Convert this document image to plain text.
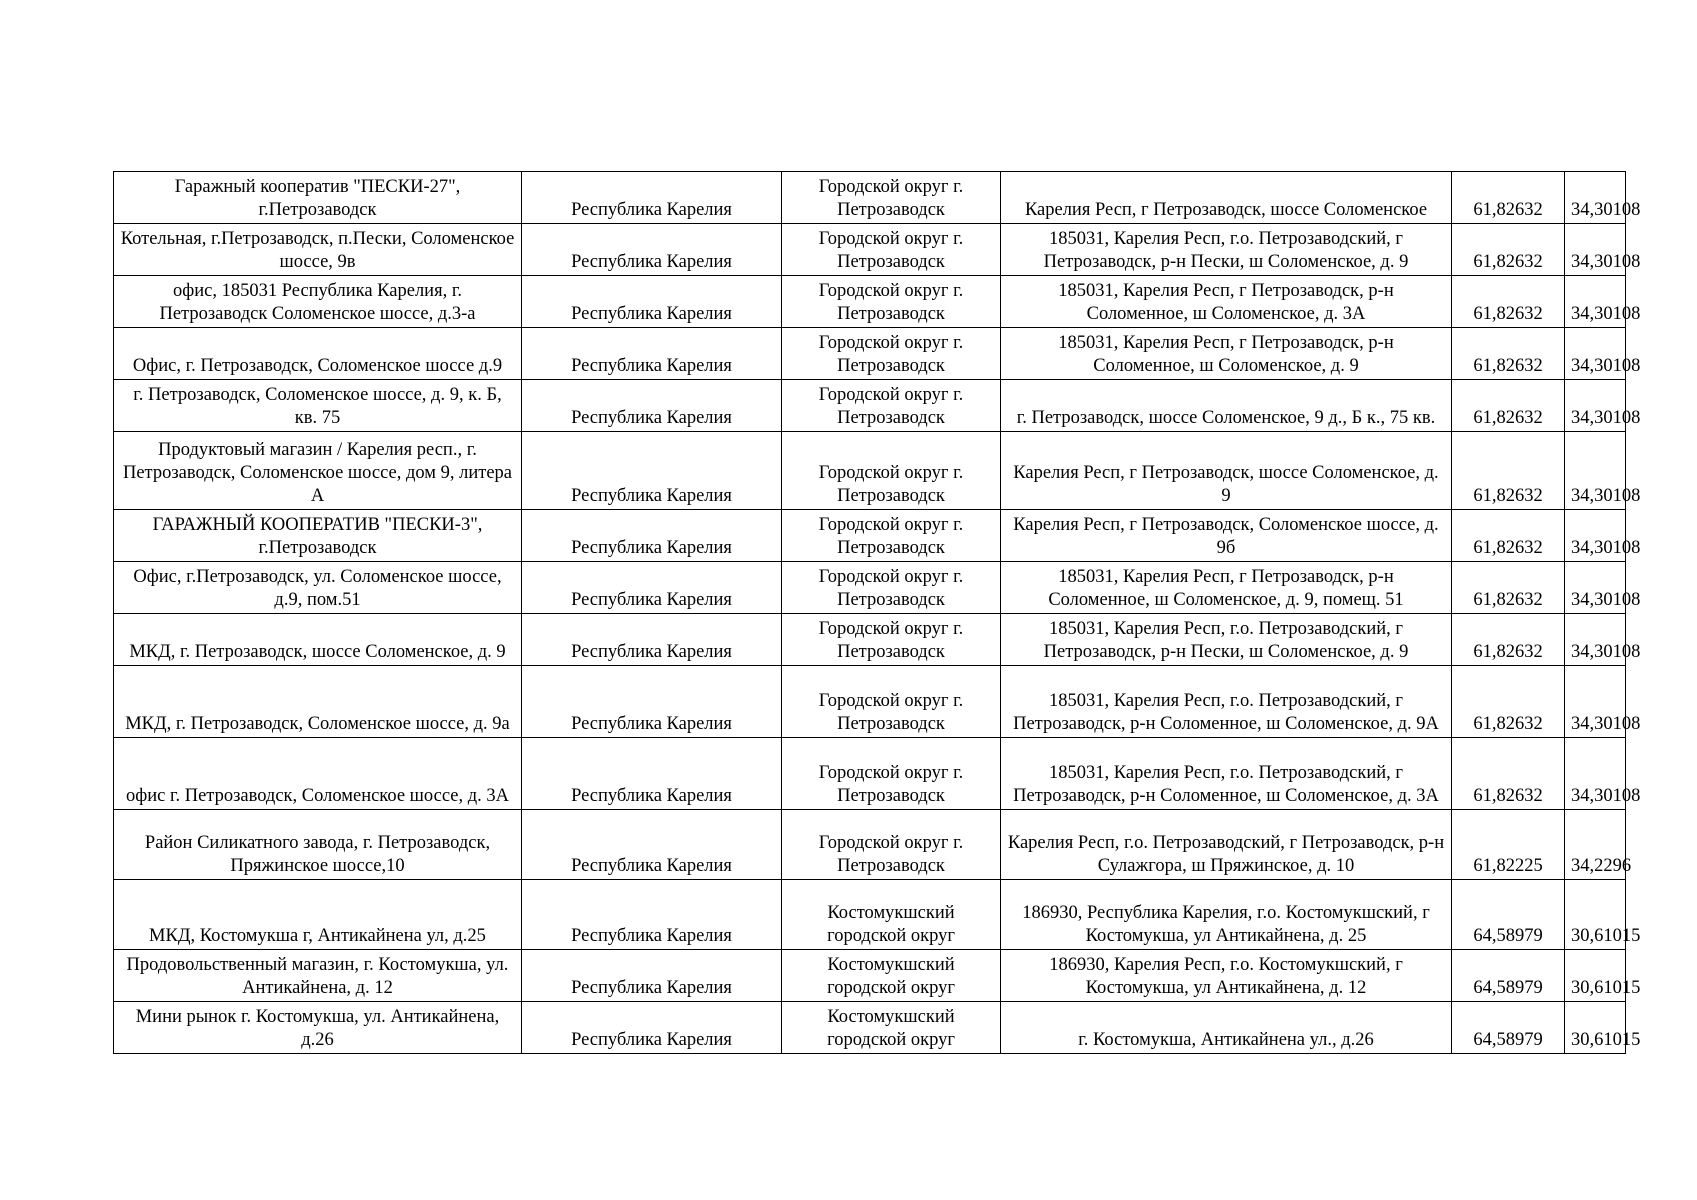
Гаражный кооператив "ПЕСКИ-27", г.Петрозаводск	Республика Карелия	Городской округ г. Петрозаводск	Карелия Респ, г Петрозаводск, шоссе Соломенское	61,82632	34,30108
Котельная, г.Петрозаводск, п.Пески, Соломенское шоссе, 9в	Республика Карелия	Городской округ г. Петрозаводск	185031, Карелия Респ, г.о. Петрозаводский, г Петрозаводск, р-н Пески, ш Соломенское, д. 9	61,82632	34,30108
офис, 185031 Республика Карелия, г. Петрозаводск Соломенское шоссе, д.3-а	Республика Карелия	Городской округ г. Петрозаводск	185031, Карелия Респ, г Петрозаводск, р-н Соломенное, ш Соломенское, д. 3А	61,82632	34,30108
Офис, г. Петрозаводск, Соломенское шоссе д.9	Республика Карелия	Городской округ г. Петрозаводск	185031, Карелия Респ, г Петрозаводск, р-н Соломенное, ш Соломенское, д. 9	61,82632	34,30108
г. Петрозаводск, Соломенское шоссе, д. 9, к. Б, кв. 75	Республика Карелия	Городской округ г. Петрозаводск	г. Петрозаводск, шоссе Соломенское, 9 д., Б к., 75 кв.	61,82632	34,30108
Продуктовый магазин / Карелия респ., г. Петрозаводск, Соломенское шоссе, дом 9, литера А	Республика Карелия	Городской округ г. Петрозаводск	Карелия Респ, г Петрозаводск, шоссе Соломенское, д. 9	61,82632	34,30108
ГАРАЖНЫЙ КООПЕРАТИВ "ПЕСКИ-3", г.Петрозаводск	Республика Карелия	Городской округ г. Петрозаводск	Карелия Респ, г Петрозаводск, Соломенское шоссе, д. 9б	61,82632	34,30108
Офис, г.Петрозаводск, ул. Соломенское шоссе, д.9, пом.51	Республика Карелия	Городской округ г. Петрозаводск	185031, Карелия Респ, г Петрозаводск, р-н Соломенное, ш Соломенское, д. 9, помещ. 51	61,82632	34,30108
МКД, г. Петрозаводск, шоссе Соломенское, д. 9	Республика Карелия	Городской округ г. Петрозаводск	185031, Карелия Респ, г.о. Петрозаводский, г Петрозаводск, р-н Пески, ш Соломенское, д. 9	61,82632	34,30108
МКД, г. Петрозаводск, Соломенское шоссе, д. 9а	Республика Карелия	Городской округ г. Петрозаводск	185031, Карелия Респ, г.о. Петрозаводский, г Петрозаводск, р-н Соломенное, ш Соломенское, д. 9А	61,82632	34,30108
офис г. Петрозаводск, Соломенское шоссе, д. 3А	Республика Карелия	Городской округ г. Петрозаводск	185031, Карелия Респ, г.о. Петрозаводский, г Петрозаводск, р-н Соломенное, ш Соломенское, д. 3А	61,82632	34,30108
Район Силикатного завода, г. Петрозаводск, Пряжинское шоссе,10	Республика Карелия	Городской округ г. Петрозаводск	Карелия Респ, г.о. Петрозаводский, г Петрозаводск, р-н Сулажгора, ш Пряжинское, д. 10	61,82225	34,2296
МКД, Костомукша г, Антикайнена ул, д.25	Республика Карелия	Костомукшский городской округ	186930, Республика Карелия, г.о. Костомукшский, г Костомукша, ул Антикайнена, д. 25	64,58979	30,61015
Продовольственный магазин, г. Костомукша, ул. Антикайнена, д. 12	Республика Карелия	Костомукшский городской округ	186930, Карелия Респ, г.о. Костомукшский, г Костомукша, ул Антикайнена, д. 12	64,58979	30,61015
Мини рынок г. Костомукша, ул. Антикайнена, д.26	Республика Карелия	Костомукшский городской округ	г. Костомукша, Антикайнена ул., д.26	64,58979	30,61015
